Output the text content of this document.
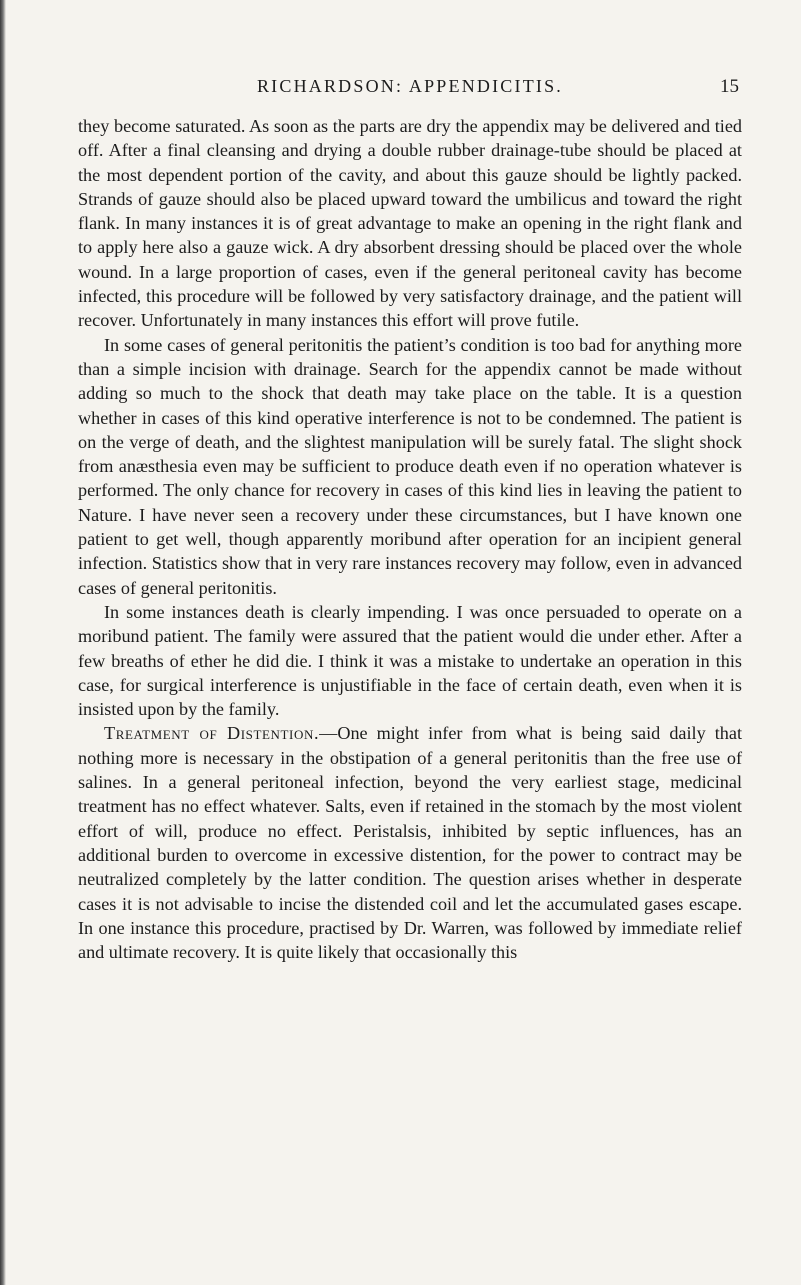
RICHARDSON: APPENDICITIS.	15

they become saturated. As soon as the parts are dry the appendix may be delivered and tied off. After a final cleansing and drying a double rubber drainage-tube should be placed at the most dependent portion of the cavity, and about this gauze should be lightly packed. Strands of gauze should also be placed upward toward the umbilicus and toward the right flank. In many instances it is of great advantage to make an opening in the right flank and to apply here also a gauze wick. A dry absorbent dressing should be placed over the whole wound. In a large proportion of cases, even if the general peritoneal cavity has become infected, this procedure will be followed by very satisfactory drainage, and the patient will recover. Unfortunately in many instances this effort will prove futile.

In some cases of general peritonitis the patient’s condition is too bad for anything more than a simple incision with drainage. Search for the appendix cannot be made without adding so much to the shock that death may take place on the table. It is a question whether in cases of this kind operative interference is not to be condemned. The patient is on the verge of death, and the slightest manipulation will be surely fatal. The slight shock from anæsthesia even may be sufficient to produce death even if no operation whatever is performed. The only chance for recovery in cases of this kind lies in leaving the patient to Nature. I have never seen a recovery under these circumstances, but I have known one patient to get well, though apparently moribund after operation for an incipient general infection. Statistics show that in very rare instances recovery may follow, even in advanced cases of general peritonitis.

In some instances death is clearly impending. I was once persuaded to operate on a moribund patient. The family were assured that the patient would die under ether. After a few breaths of ether he did die. I think it was a mistake to undertake an operation in this case, for surgical interference is unjustifiable in the face of certain death, even when it is insisted upon by the family.

Treatment of Distention.—One might infer from what is being said daily that nothing more is necessary in the obstipation of a general peritonitis than the free use of salines. In a general peritoneal infection, beyond the very earliest stage, medicinal treatment has no effect whatever. Salts, even if retained in the stomach by the most violent effort of will, produce no effect. Peristalsis, inhibited by septic influences, has an additional burden to overcome in excessive distention, for the power to contract may be neutralized completely by the latter condition. The question arises whether in desperate cases it is not advisable to incise the distended coil and let the accumulated gases escape. In one instance this procedure, practised by Dr. Warren, was followed by immediate relief and ultimate recovery. It is quite likely that occasionally this
